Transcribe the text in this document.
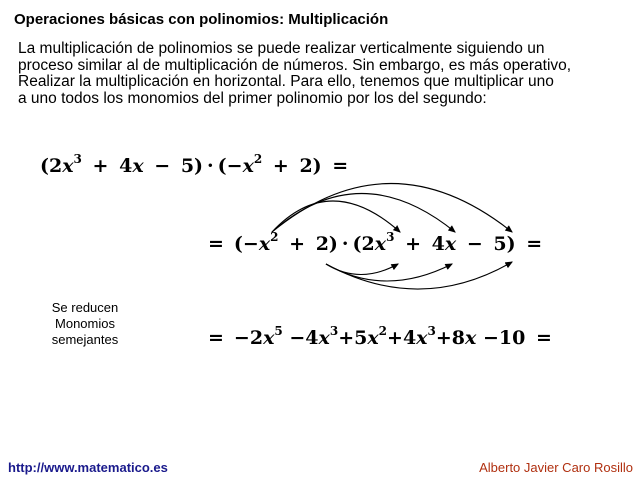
Operaciones básicas con polinomios: Multiplicación
La multiplicación de polinomios se puede realizar verticalmente siguiendo un
proceso similar al de multiplicación de números. Sin embargo, es más operativo,
Realizar la multiplicación en horizontal. Para ello, tenemos que multiplicar uno
a uno todos los monomios del primer polinomio por los del segundo:
$(2x^3 + 4x - 5) \cdot (-x^2 + 2)$ =
= $(-x^2 + 2) \cdot (2x^3 + 4x - 5)$ =
= $-2x^5 -4x^3+5x^2+4x^3+8x -10$ =
Se reducen
Monomios
semejantes
http://www.matematico.es	Alberto Javier Caro Rosillo
